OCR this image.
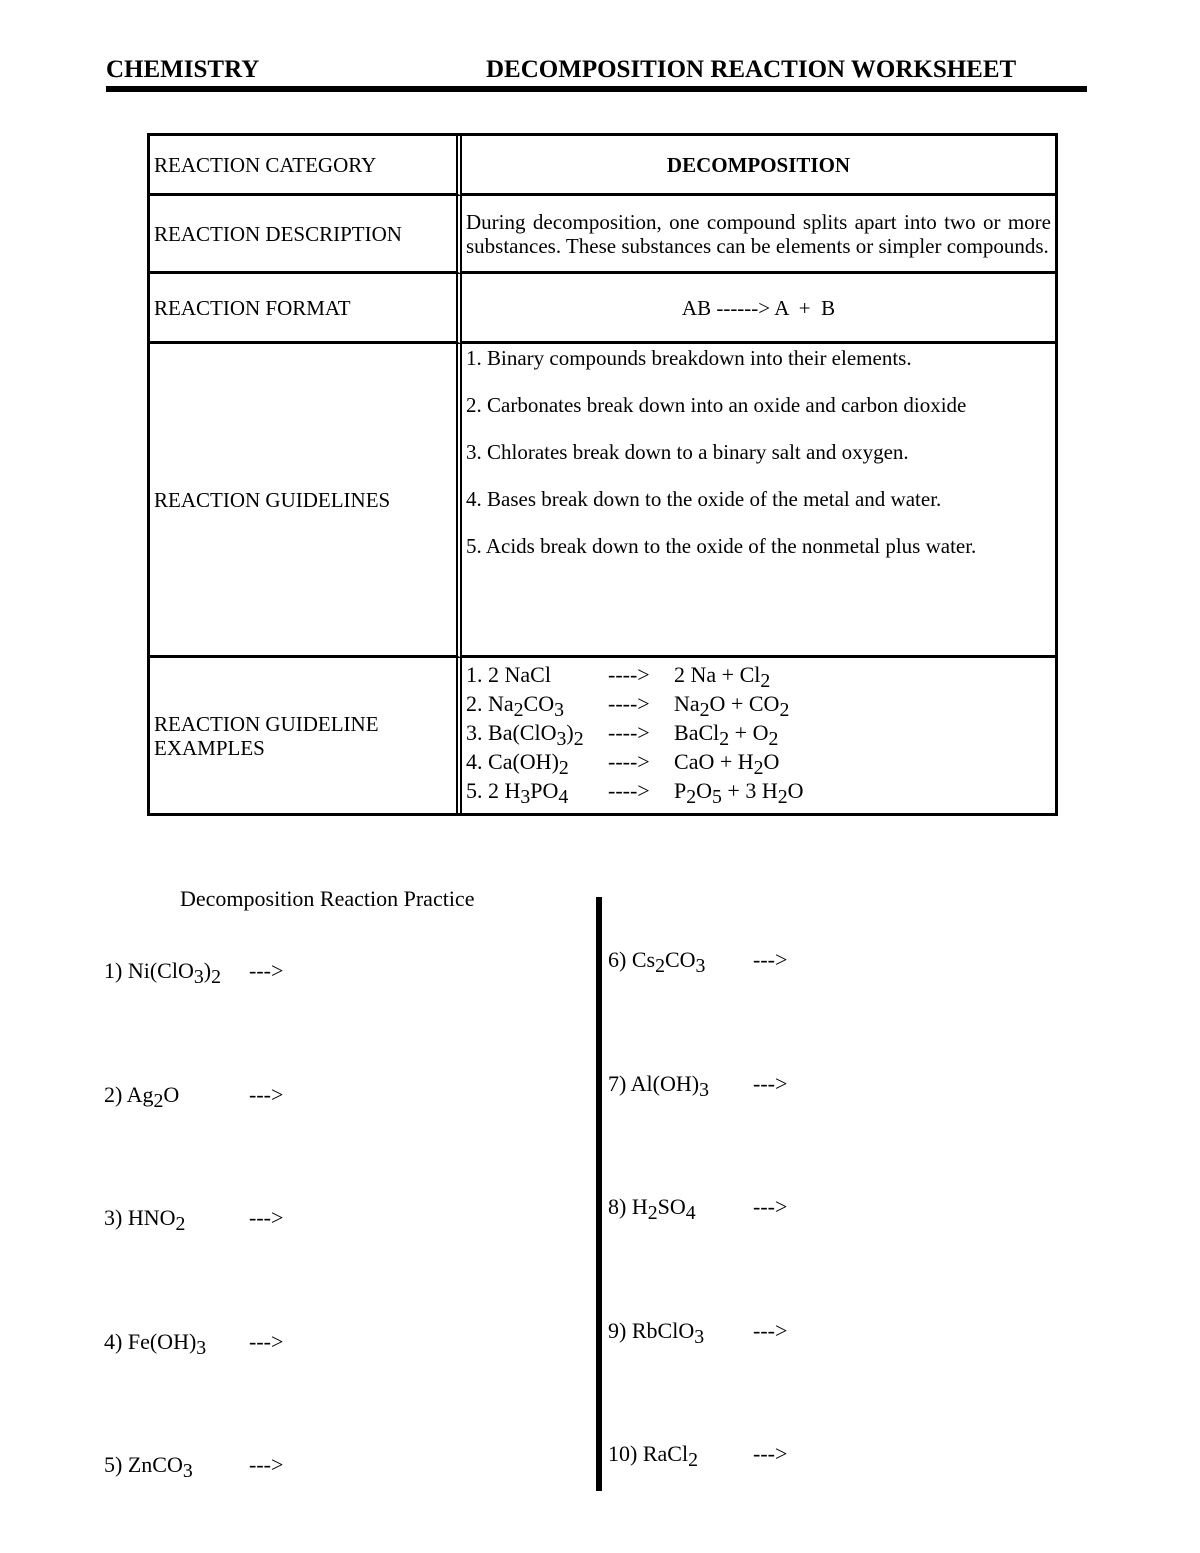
CHEMISTRY	DECOMPOSITION REACTION WORKSHEET
REACTION CATEGORY	DECOMPOSITION
REACTION DESCRIPTION	During decomposition, one compound splits apart into two or more substances. These substances can be elements or simpler compounds.
REACTION FORMAT	AB ------> A  +  B
REACTION GUIDELINES	1. Binary compounds breakdown into their elements.

2. Carbonates break down into an oxide and carbon dioxide

3. Chlorates break down to a binary salt and oxygen.

4. Bases break down to the oxide of the metal and water.

5. Acids break down to the oxide of the nonmetal plus water.

REACTION GUIDELINE EXAMPLES	1. 2 NaCl ----> 2 $Na + Cl_2$
2. $Na_2CO_3$ ----> $Na_2O + CO_2$
3. $Ba(ClO_3)_2$ ----> BaCl$_2$ + $O_2$
4. $Ca(OH)_2$ ----> CaO + $H_2O$
5. 2 $H_3PO_4$ ----> $P_2O_5 + 3$ $H_2O$
Decomposition Reaction Practice
1) $Ni(ClO_3)_2$ --->
2) $Ag_2O$	--->
3) $HNO_2$	--->
4) $Fe(OH)_3$ --->
5) ZnCO$_3$	--->
6) $Cs_2CO_3$ --->
7) $Al(OH)_3$ --->
8) $H_2SO_4$	--->
9) RbClO$_3$ --->
10) RaCl$_2$	--->
